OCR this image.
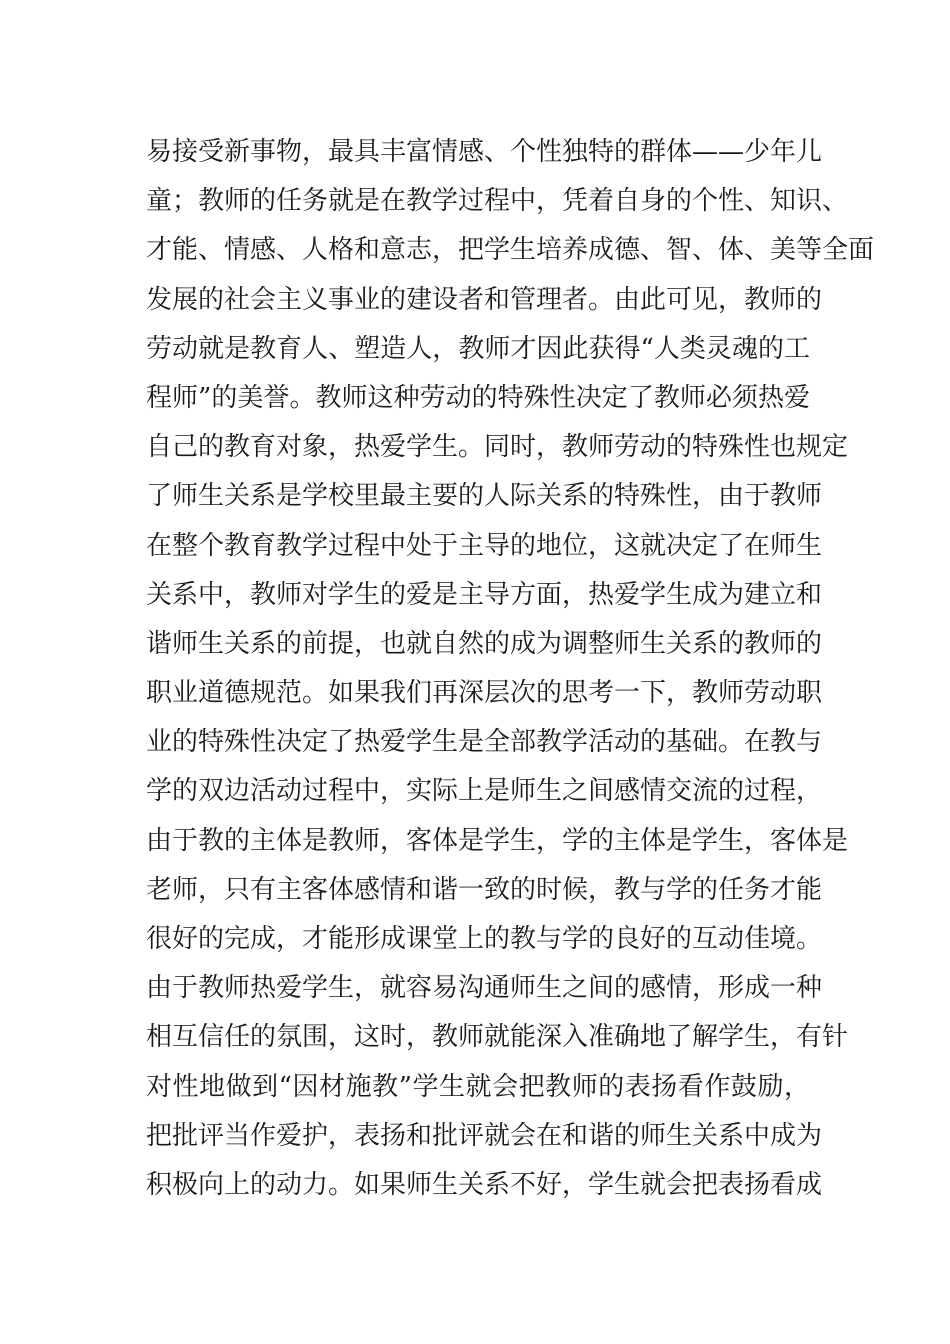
易接受新事物，最具丰富情感、个性独特的群体——少年儿
童；教师的任务就是在教学过程中，凭着自身的个性、知识、
才能、情感、人格和意志，把学生培养成德、智、体、美等全面
发展的社会主义事业的建设者和管理者。由此可见，教师的
劳动就是教育人、塑造人，教师才因此获得“人类灵魂的工
程师”的美誉。教师这种劳动的特殊性决定了教师必须热爱
自己的教育对象，热爱学生。同时，教师劳动的特殊性也规定
了师生关系是学校里最主要的人际关系的特殊性，由于教师
在整个教育教学过程中处于主导的地位，这就决定了在师生
关系中，教师对学生的爱是主导方面，热爱学生成为建立和
谐师生关系的前提，也就自然的成为调整师生关系的教师的
职业道德规范。如果我们再深层次的思考一下，教师劳动职
业的特殊性决定了热爱学生是全部教学活动的基础。在教与
学的双边活动过程中，实际上是师生之间感情交流的过程，
由于教的主体是教师，客体是学生，学的主体是学生，客体是
老师，只有主客体感情和谐一致的时候，教与学的任务才能
很好的完成，才能形成课堂上的教与学的良好的互动佳境。
由于教师热爱学生，就容易沟通师生之间的感情，形成一种
相互信任的氛围，这时，教师就能深入准确地了解学生，有针
对性地做到“因材施教”学生就会把教师的表扬看作鼓励，
把批评当作爱护，表扬和批评就会在和谐的师生关系中成为
积极向上的动力。如果师生关系不好，学生就会把表扬看成
